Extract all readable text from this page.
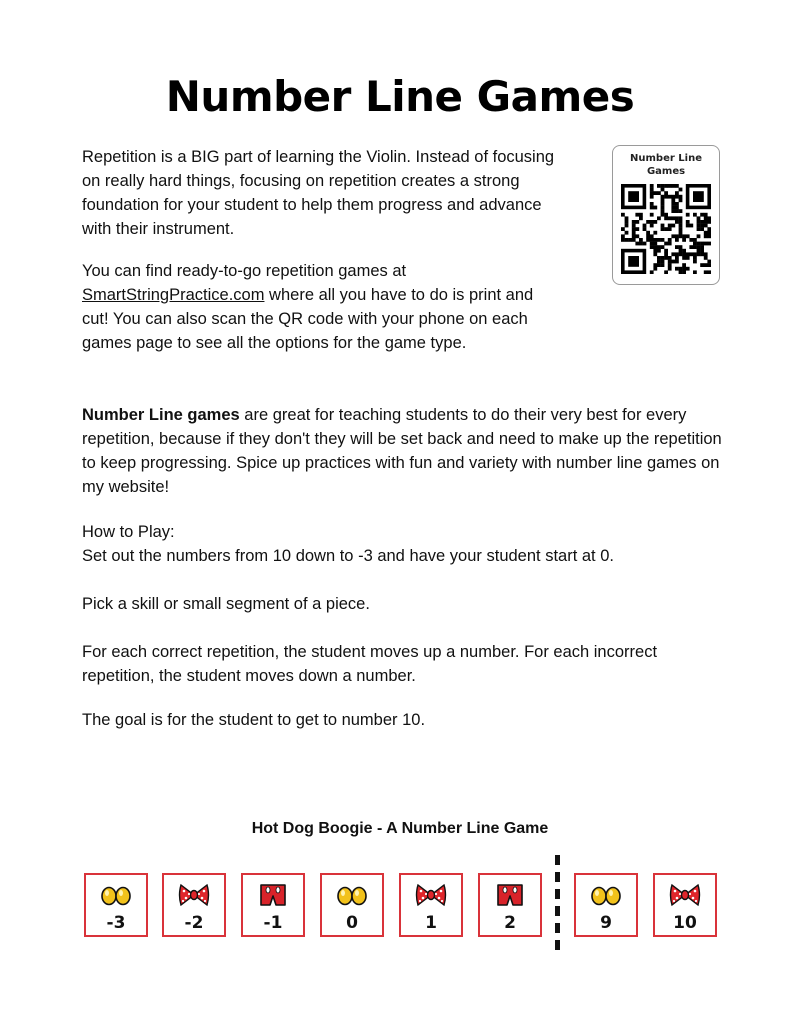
Number Line Games
Repetition is a BIG part of learning the Violin. Instead of focusing on really hard things, focusing on repetition creates a strong foundation for your student to help them progress and advance with their instrument.
You can find ready-to-go repetition games at SmartStringPractice.com where all you have to do is print and cut! You can also scan the QR code with your phone on each games page to see all the options for the game type.
Number Line Games
Number Line games are great for teaching students to do their very best for every repetition, because if they don't they will be set back and need to make up the repetition to keep progressing. Spice up practices with fun and variety with number line games on my website!
How to Play:
Set out the numbers from 10 down to -3 and have your student start at 0.
Pick a skill or small segment of a piece.
For each correct repetition, the student moves up a number. For each incorrect repetition, the student moves down a number.
The goal is for the student to get to number 10.
Hot Dog Boogie - A Number Line Game
-3	-2	-1	0	1	2	9	10
